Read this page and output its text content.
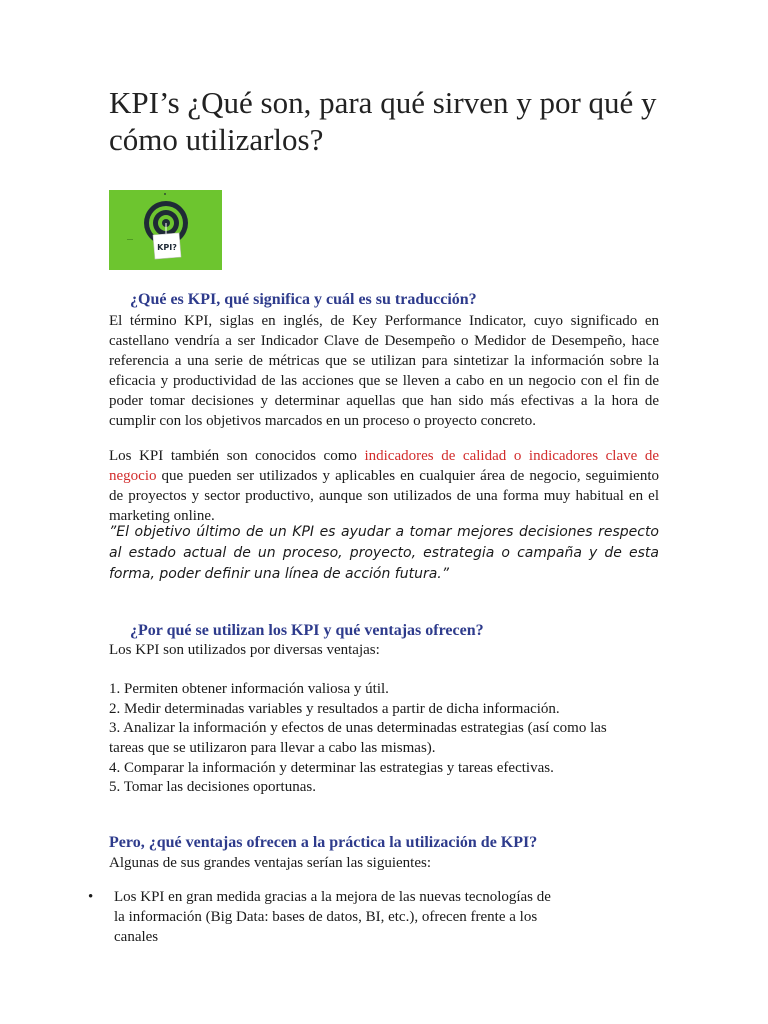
KPI’s ¿Qué son, para qué sirven y por qué y cómo utilizarlos?
KPI?
¿Qué es KPI, qué significa y cuál es su traducción?

El término KPI, siglas en inglés, de Key Performance Indicator, cuyo significado en castellano vendría a ser Indicador Clave de Desempeño o Medidor de Desempeño, hace referencia a una serie de métricas que se utilizan para sintetizar la información sobre la eficacia y productividad de las acciones que se lleven a cabo en un negocio con el fin de poder tomar decisiones y determinar aquellas que han sido más efectivas a la hora de cumplir con los objetivos marcados en un proceso o proyecto concreto.

Los KPI también son conocidos como indicadores de calidad o indicadores clave de negocio que pueden ser utilizados y aplicables en cualquier área de negocio, seguimiento de proyectos y sector productivo, aunque son utilizados de una forma muy habitual en el marketing online.

”El objetivo último de un KPI es ayudar a tomar mejores decisiones respecto al estado actual de un proceso, proyecto, estrategia o campaña y de esta forma, poder definir una línea de acción futura.”

¿Por qué se utilizan los KPI y qué ventajas ofrecen?

Los KPI son utilizados por diversas ventajas:

1. Permiten obtener información valiosa y útil.

2. Medir determinadas variables y resultados a partir de dicha información.

3. Analizar la información y efectos de unas determinadas estrategias (así como las tareas que se utilizaron para llevar a cabo las mismas).

4. Comparar la información y determinar las estrategias y tareas efectivas.

5. Tomar las decisiones oportunas.

Pero, ¿qué ventajas ofrecen a la práctica la utilización de KPI?

Algunas de sus grandes ventajas serían las siguientes:

• Los KPI en gran medida gracias a la mejora de las nuevas tecnologías de la información (Big Data: bases de datos, BI, etc.), ofrecen frente a los canales
